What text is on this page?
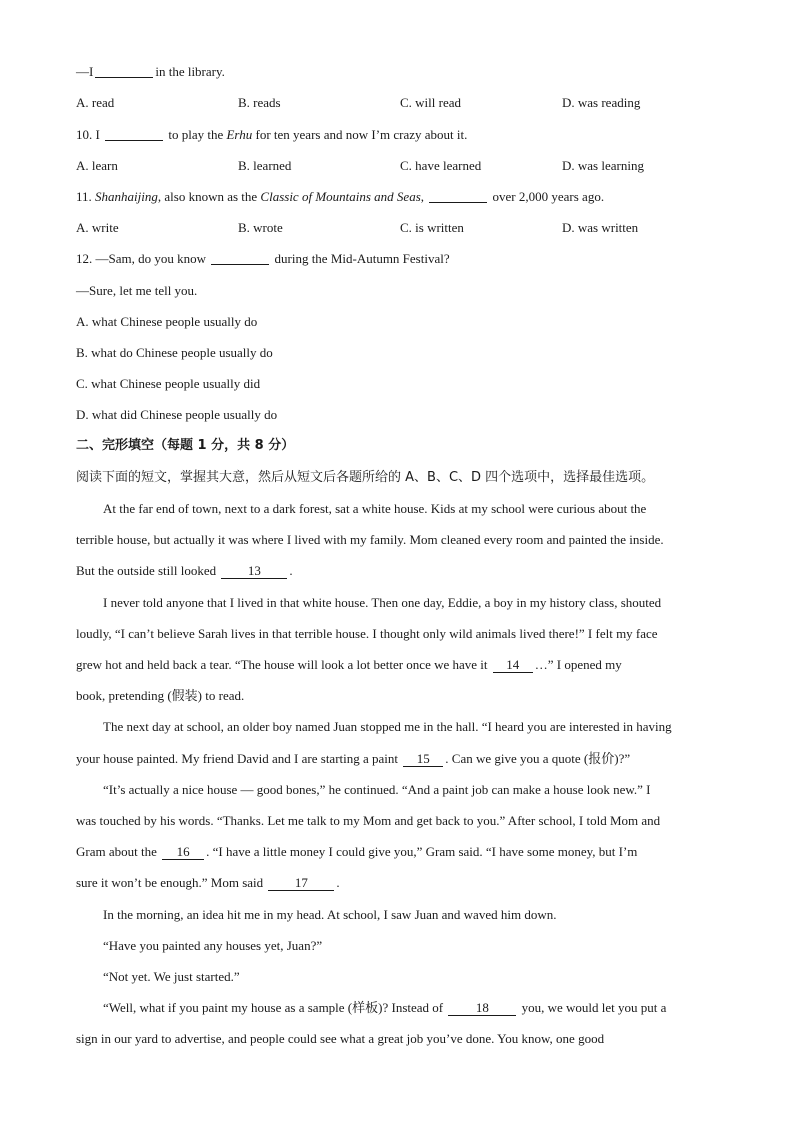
—I	in the library.
A. read	B. reads	C. will read	D. was reading
10. I	to play the Erhu for ten years and now I’m crazy about it.
A. learn	B. learned	C. have learned	D. was learning
11. Shanhaijing, also known as the Classic of Mountains and Seas,	over 2,000 years ago.
A. write	B. wrote	C. is written	D. was written
12. —Sam, do you know	during the Mid-Autumn Festival?
—Sure, let me tell you.
A. what Chinese people usually do
B. what do Chinese people usually do
C. what Chinese people usually did
D. what did Chinese people usually do
二、完形填空（每题 1 分，共 8 分）
阅读下面的短文，掌握其大意，然后从短文后各题所给的 A、B、C、D 四个选项中，选择最佳选项。
At the far end of town, next to a dark forest, sat a white house. Kids at my school were curious about the
terrible house, but actually it was where I lived with my family. Mom cleaned every room and painted the inside.
But the outside still looked 13 .
I never told anyone that I lived in that white house. Then one day, Eddie, a boy in my history class, shouted
loudly, “I can’t believe Sarah lives in that terrible house. I thought only wild animals lived there!” I felt my face
grew hot and held back a tear. “The house will look a lot better once we have it 14 …” I opened my
book, pretending (假装) to read.
The next day at school, an older boy named Juan stopped me in the hall. “I heard you are interested in having
your house painted. My friend David and I are starting a paint 15 . Can we give you a quote (报价)?”
“It’s actually a nice house — good bones,” he continued. “And a paint job can make a house look new.” I
was touched by his words. “Thanks. Let me talk to my Mom and get back to you.” After school, I told Mom and
Gram about the 16 . “I have a little money I could give you,” Gram said. “I have some money, but I’m
sure it won’t be enough.” Mom said 17 .
In the morning, an idea hit me in my head. At school, I saw Juan and waved him down.
“Have you painted any houses yet, Juan?”
“Not yet. We just started.”
“Well, what if you paint my house as a sample (样板)? Instead of	18	you, we would let you put a
sign in our yard to advertise, and people could see what a great job you’ve done. You know, one good
